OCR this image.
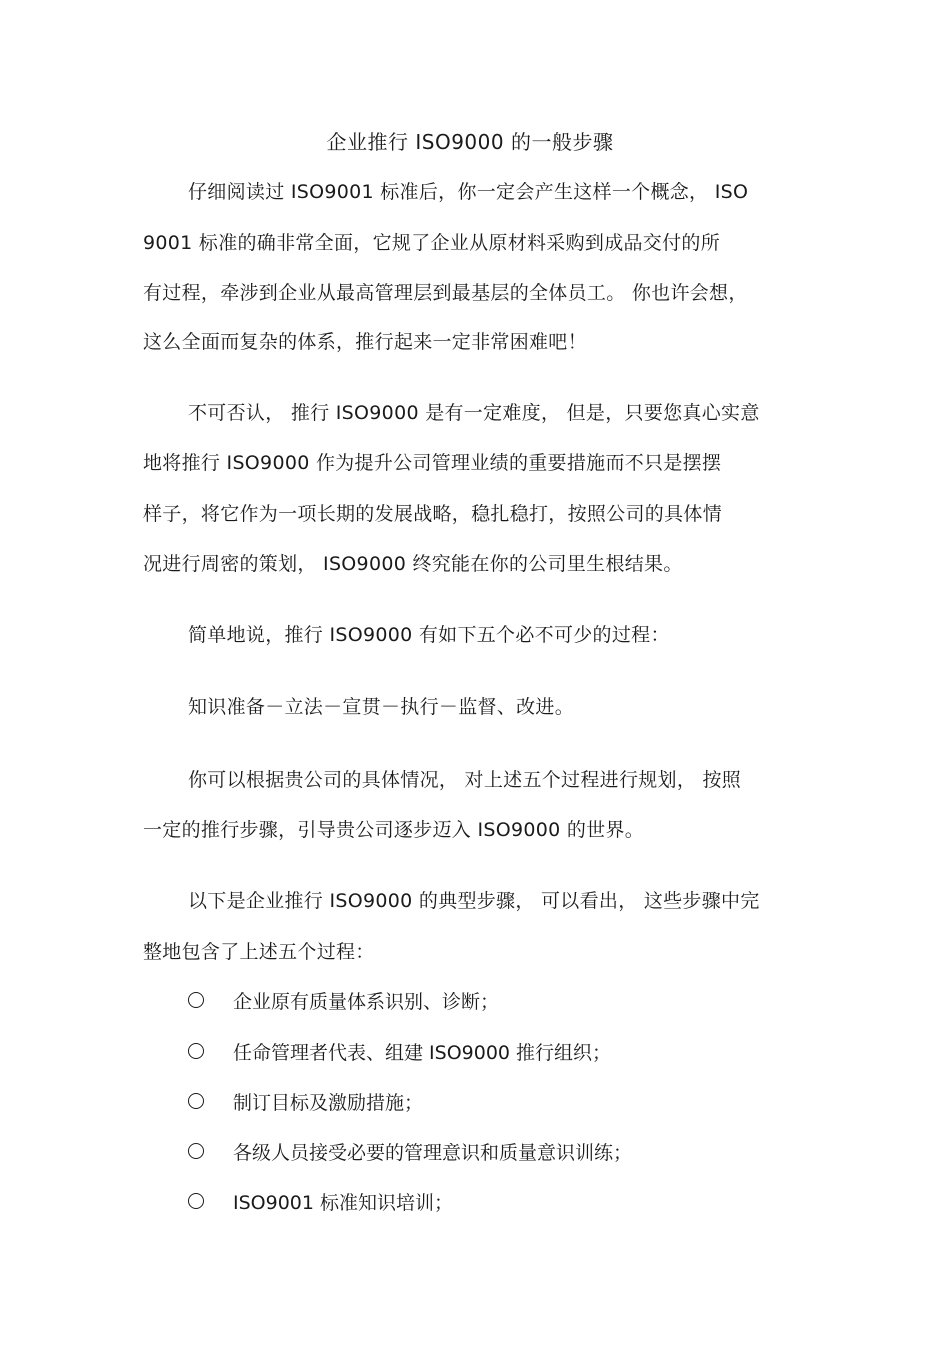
企业推行 ISO9000 的一般步骤
仔细阅读过 ISO9001 标准后，你一定会产生这样一个概念， ISO
9001 标准的确非常全面，它规了企业从原材料采购到成品交付的所
有过程，牵涉到企业从最高管理层到最基层的全体员工。 你也许会想，
这么全面而复杂的体系，推行起来一定非常困难吧！
不可否认， 推行 ISO9000 是有一定难度， 但是，只要您真心实意
地将推行 ISO9000 作为提升公司管理业绩的重要措施而不只是摆摆
样子，将它作为一项长期的发展战略，稳扎稳打，按照公司的具体情
况进行周密的策划， ISO9000 终究能在你的公司里生根结果。
简单地说，推行 ISO9000 有如下五个必不可少的过程：
知识准备－立法－宣贯－执行－监督、改进。
你可以根据贵公司的具体情况， 对上述五个过程进行规划， 按照
一定的推行步骤，引导贵公司逐步迈入 ISO9000 的世界。
以下是企业推行 ISO9000 的典型步骤， 可以看出， 这些步骤中完
整地包含了上述五个过程：
企业原有质量体系识别、诊断；
任命管理者代表、组建 ISO9000 推行组织；
制订目标及激励措施；
各级人员接受必要的管理意识和质量意识训练；
ISO9001 标准知识培训；
